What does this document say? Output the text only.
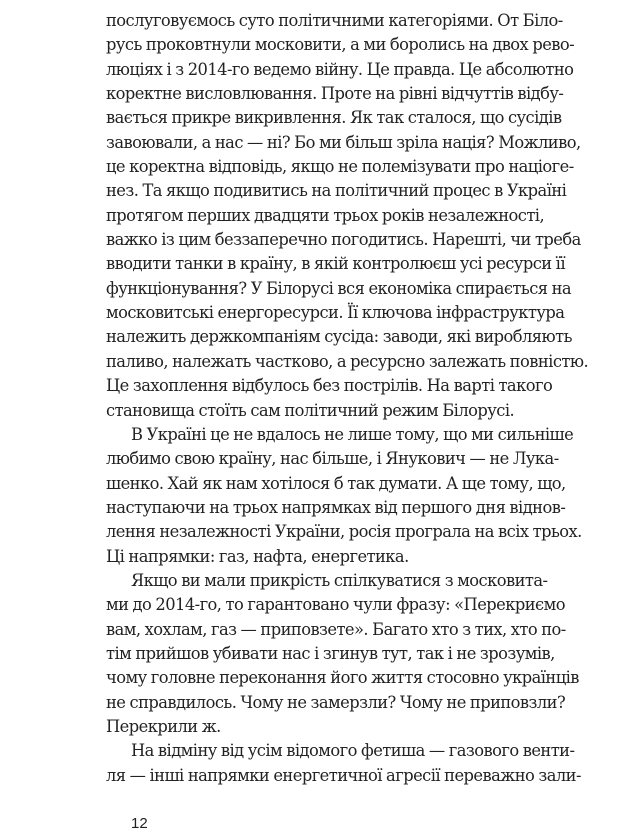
послуговуємось суто політичними категоріями. От Біло-
русь проковтнули московити, а ми боролись на двох рево-
люціях і з 2014-го ведемо війну. Це правда. Це абсолютно
коректне висловлювання. Проте на рівні відчуттів відбу-
вається прикре викривлення. Як так сталося, що сусідів
завоювали, а нас — ні? Бо ми більш зріла нація? Можливо,
це коректна відповідь, якщо не полемізувати про націоге-
нез. Та якщо подивитись на політичний процес в Україні
протягом перших двадцяти трьох років незалежності,
важко із цим беззаперечно погодитись. Нарешті, чи треба
вводити танки в країну, в якій контролюєш усі ресурси її
функціонування? У Білорусі вся економіка спирається на
московитські енергоресурси. Її ключова інфраструктура
належить держкомпаніям сусіда: заводи, які виробляють
паливо, належать частково, а ресурсно залежать повністю.
Це захоплення відбулось без пострілів. На варті такого
становища стоїть сам політичний режим Білорусі.
В Україні це не вдалось не лише тому, що ми сильніше
любимо свою країну, нас більше, і Янукович — не Лука-
шенко. Хай як нам хотілося б так думати. А ще тому, що,
наступаючи на трьох напрямках від першого дня віднов-
лення незалежності України, росія програла на всіх трьох.
Ці напрямки: газ, нафта, енергетика.
Якщо ви мали прикрість спілкуватися з московита-
ми до 2014-го, то гарантовано чули фразу: «Перекриємо
вам, хохлам, газ — приповзете». Багато хто з тих, хто по-
тім прийшов убивати нас і згинув тут, так і не зрозумів,
чому головне переконання його життя стосовно українців
не справдилось. Чому не замерзли? Чому не приповзли?
Перекрили ж.
На відміну від усім відомого фетиша — газового венти-
ля — інші напрямки енергетичної агресії переважно зали-
12
